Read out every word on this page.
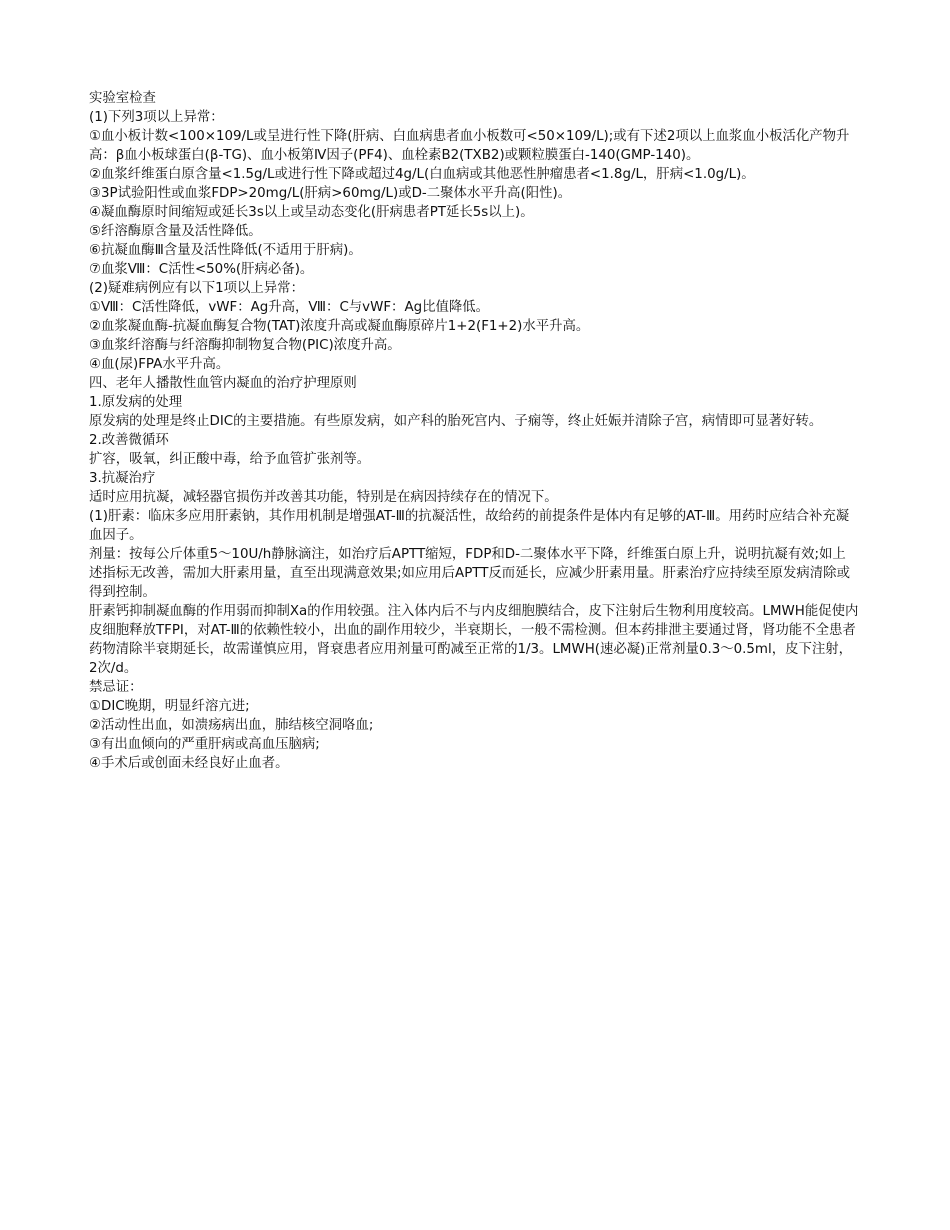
实验室检查

(1)下列3项以上异常：

①血小板计数<100×109/L或呈进行性下降(肝病、白血病患者血小板数可<50×109/L);或有下述2项以上血浆血小板活化产物升高：β血小板球蛋白(β-TG)、血小板第Ⅳ因子(PF4)、血栓素B2(TXB2)或颗粒膜蛋白-140(GMP-140)。

②血浆纤维蛋白原含量<1.5g/L或进行性下降或超过4g/L(白血病或其他恶性肿瘤患者<1.8g/L，肝病<1.0g/L)。

③3P试验阳性或血浆FDP>20mg/L(肝病>60mg/L)或D-二聚体水平升高(阳性)。

④凝血酶原时间缩短或延长3s以上或呈动态变化(肝病患者PT延长5s以上)。

⑤纤溶酶原含量及活性降低。

⑥抗凝血酶Ⅲ含量及活性降低(不适用于肝病)。

⑦血浆Ⅷ：C活性<50%(肝病必备)。

(2)疑难病例应有以下1项以上异常：

①Ⅷ：C活性降低，vWF：Ag升高，Ⅷ：C与vWF：Ag比值降低。

②血浆凝血酶-抗凝血酶复合物(TAT)浓度升高或凝血酶原碎片1+2(F1+2)水平升高。

③血浆纤溶酶与纤溶酶抑制物复合物(PIC)浓度升高。

④血(尿)FPA水平升高。

四、老年人播散性血管内凝血的治疗护理原则

1.原发病的处理

原发病的处理是终止DIC的主要措施。有些原发病，如产科的胎死宫内、子痫等，终止妊娠并清除子宫，病情即可显著好转。

2.改善微循环

扩容，吸氧，纠正酸中毒，给予血管扩张剂等。

3.抗凝治疗

适时应用抗凝，减轻器官损伤并改善其功能，特别是在病因持续存在的情况下。

(1)肝素：临床多应用肝素钠，其作用机制是增强AT-Ⅲ的抗凝活性，故给药的前提条件是体内有足够的AT-Ⅲ。用药时应结合补充凝血因子。

剂量：按每公斤体重5～10U/h静脉滴注，如治疗后APTT缩短，FDP和D-二聚体水平下降，纤维蛋白原上升，说明抗凝有效;如上述指标无改善，需加大肝素用量，直至出现满意效果;如应用后APTT反而延长，应减少肝素用量。肝素治疗应持续至原发病清除或得到控制。

肝素钙抑制凝血酶的作用弱而抑制Ⅹa的作用较强。注入体内后不与内皮细胞膜结合，皮下注射后生物利用度较高。LMWH能促使内皮细胞释放TFPI，对AT-Ⅲ的依赖性较小，出血的副作用较少，半衰期长，一般不需检测。但本药排泄主要通过肾，肾功能不全患者药物清除半衰期延长，故需谨慎应用，肾衰患者应用剂量可酌减至正常的1/3。LMWH(速必凝)正常剂量0.3～0.5ml，皮下注射，2次/d。

禁忌证：

①DIC晚期，明显纤溶亢进;

②活动性出血，如溃疡病出血，肺结核空洞咯血;

③有出血倾向的严重肝病或高血压脑病;

④手术后或创面未经良好止血者。
